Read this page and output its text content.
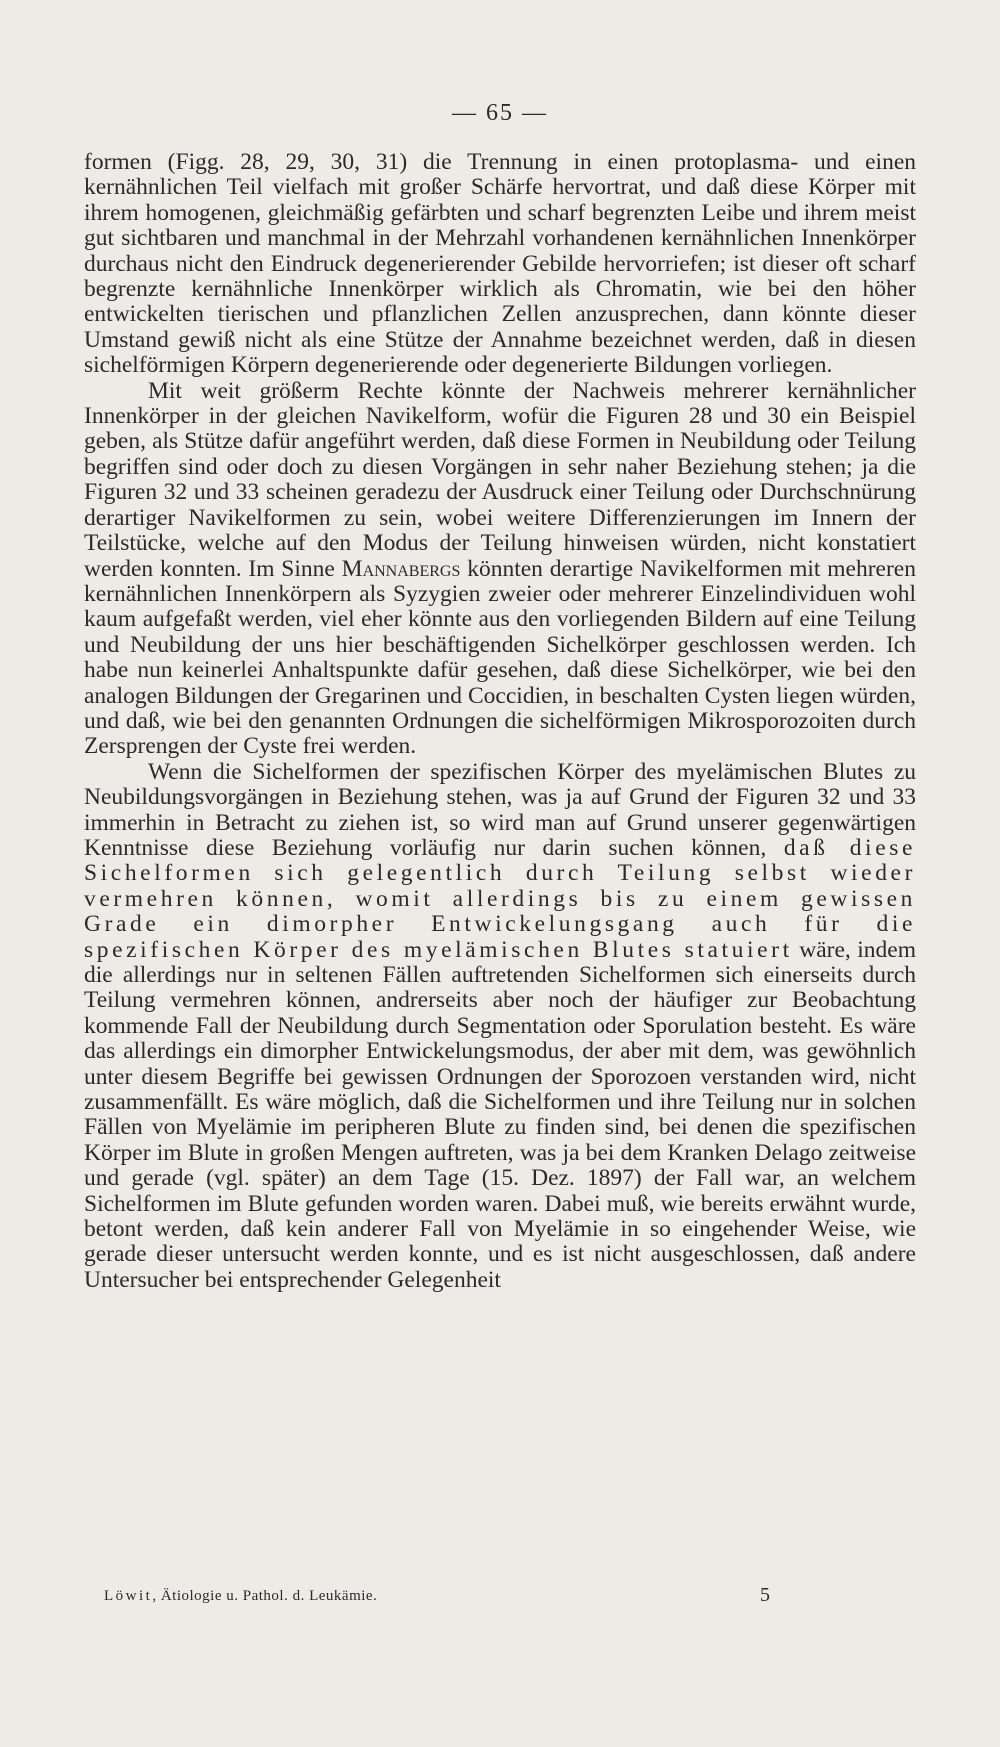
— 65 —

formen (Figg. 28, 29, 30, 31) die Trennung in einen protoplasma- und einen kernähnlichen Teil vielfach mit großer Schärfe hervortrat, und daß diese Körper mit ihrem homogenen, gleichmäßig gefärbten und scharf begrenzten Leibe und ihrem meist gut sichtbaren und manchmal in der Mehrzahl vorhandenen kernähnlichen Innenkörper durchaus nicht den Eindruck degenerierender Gebilde hervorriefen; ist dieser oft scharf begrenzte kernähnliche Innenkörper wirklich als Chromatin, wie bei den höher entwickelten tierischen und pflanzlichen Zellen anzusprechen, dann könnte dieser Umstand gewiß nicht als eine Stütze der Annahme bezeichnet werden, daß in diesen sichelförmigen Körpern degenerierende oder degenerierte Bildungen vorliegen.

Mit weit größerm Rechte könnte der Nachweis mehrerer kernähnlicher Innenkörper in der gleichen Navikelform, wofür die Figuren 28 und 30 ein Beispiel geben, als Stütze dafür angeführt werden, daß diese Formen in Neubildung oder Teilung begriffen sind oder doch zu diesen Vorgängen in sehr naher Beziehung stehen; ja die Figuren 32 und 33 scheinen geradezu der Ausdruck einer Teilung oder Durchschnürung derartiger Navikelformen zu sein, wobei weitere Differenzierungen im Innern der Teilstücke, welche auf den Modus der Teilung hinweisen würden, nicht konstatiert werden konnten. Im Sinne Mannabergs könnten derartige Navikelformen mit mehreren kernähnlichen Innenkörpern als Syzygien zweier oder mehrerer Einzelindividuen wohl kaum aufgefaßt werden, viel eher könnte aus den vorliegenden Bildern auf eine Teilung und Neubildung der uns hier beschäftigenden Sichelkörper geschlossen werden. Ich habe nun keinerlei Anhaltspunkte dafür gesehen, daß diese Sichelkörper, wie bei den analogen Bildungen der Gregarinen und Coccidien, in beschalten Cysten liegen würden, und daß, wie bei den genannten Ordnungen die sichelförmigen Mikrosporozoiten durch Zersprengen der Cyste frei werden.

Wenn die Sichelformen der spezifischen Körper des myelämischen Blutes zu Neubildungsvorgängen in Beziehung stehen, was ja auf Grund der Figuren 32 und 33 immerhin in Betracht zu ziehen ist, so wird man auf Grund unserer gegenwärtigen Kenntnisse diese Beziehung vorläufig nur darin suchen können, daß diese Sichelformen sich gelegentlich durch Teilung selbst wieder vermehren können, womit allerdings bis zu einem gewissen Grade ein dimorpher Entwickelungsgang auch für die spezifischen Körper des myelämischen Blutes statuiert wäre, indem die allerdings nur in seltenen Fällen auftretenden Sichelformen sich einerseits durch Teilung vermehren können, andrerseits aber noch der häufiger zur Beobachtung kommende Fall der Neubildung durch Segmentation oder Sporulation besteht. Es wäre das allerdings ein dimorpher Entwickelungsmodus, der aber mit dem, was gewöhnlich unter diesem Begriffe bei gewissen Ordnungen der Sporozoen verstanden wird, nicht zusammenfällt. Es wäre möglich, daß die Sichelformen und ihre Teilung nur in solchen Fällen von Myelämie im peripheren Blute zu finden sind, bei denen die spezifischen Körper im Blute in großen Mengen auftreten, was ja bei dem Kranken Delago zeitweise und gerade (vgl. später) an dem Tage (15. Dez. 1897) der Fall war, an welchem Sichelformen im Blute gefunden worden waren. Dabei muß, wie bereits erwähnt wurde, betont werden, daß kein anderer Fall von Myelämie in so eingehender Weise, wie gerade dieser untersucht werden konnte, und es ist nicht ausgeschlossen, daß andere Untersucher bei entsprechender Gelegenheit

Löwit, Ätiologie u. Pathol. d. Leukämie.	5
